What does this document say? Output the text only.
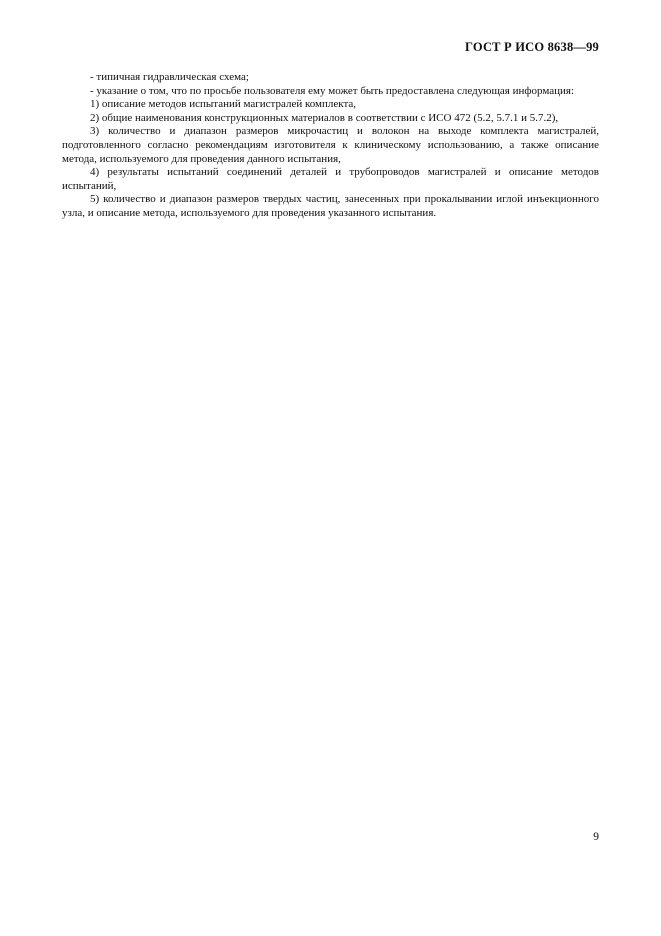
ГОСТ Р ИСО 8638—99

- типичная гидравлическая схема;

- указание о том, что по просьбе пользователя ему может быть предоставлена следующая информация:

1) описание методов испытаний магистралей комплекта,

2) общие наименования конструкционных материалов в соответствии с ИСО 472 (5.2, 5.7.1 и 5.7.2),

3) количество и диапазон размеров микрочастиц и волокон на выходе комплекта магистралей, подготовленного согласно рекомендациям изготовителя к клиническому использованию, а также описание метода, используемого для проведения данного испытания,

4) результаты испытаний соединений деталей и трубопроводов магистралей и описание методов испытаний,

5) количество и диапазон размеров твердых частиц, занесенных при прокалывании иглой инъекционного узла, и описание метода, используемого для проведения указанного испытания.

9
